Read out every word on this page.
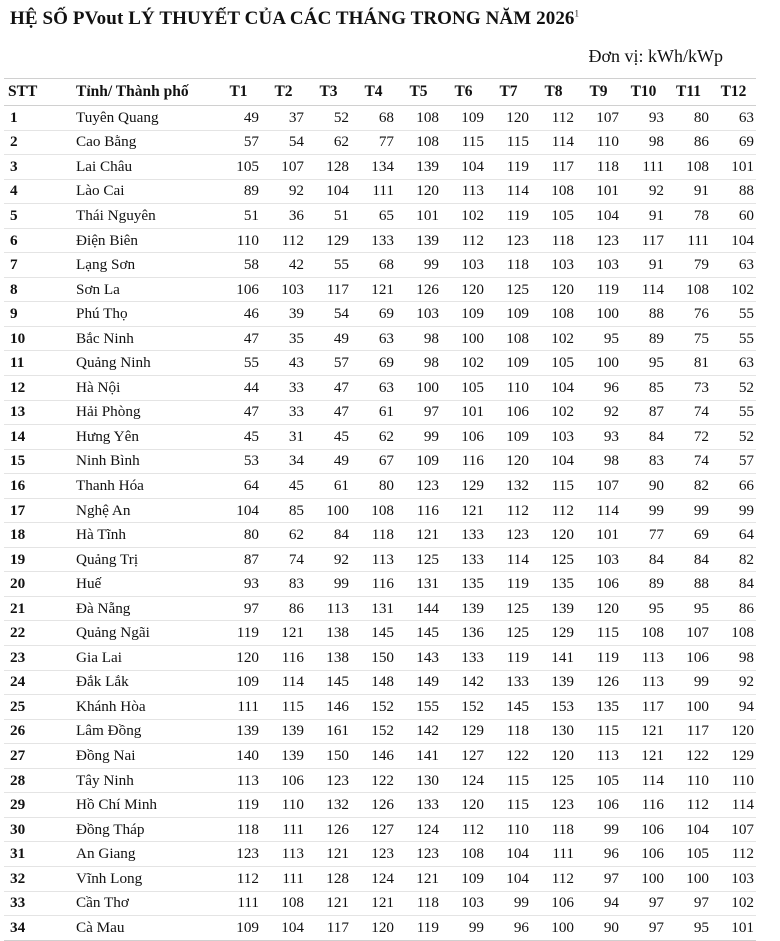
HỆ SỐ PVout LÝ THUYẾT CỦA CÁC THÁNG TRONG NĂM 2026$^1$
Đơn vị: kWh/kWp
STT	Tỉnh/ Thành phố	T1	T2	T3	T4	T5	T6	T7	T8	T9	T10	T11	T12
1	Tuyên Quang	49	37	52	68	108	109	120	112	107	93	80	63
2	Cao Bằng	57	54	62	77	108	115	115	114	110	98	86	69
3	Lai Châu	105	107	128	134	139	104	119	117	118	111	108	101
4	Lào Cai	89	92	104	111	120	113	114	108	101	92	91	88
5	Thái Nguyên	51	36	51	65	101	102	119	105	104	91	78	60
6	Điện Biên	110	112	129	133	139	112	123	118	123	117	111	104
7	Lạng Sơn	58	42	55	68	99	103	118	103	103	91	79	63
8	Sơn La	106	103	117	121	126	120	125	120	119	114	108	102
9	Phú Thọ	46	39	54	69	103	109	109	108	100	88	76	55
10	Bắc Ninh	47	35	49	63	98	100	108	102	95	89	75	55
11	Quảng Ninh	55	43	57	69	98	102	109	105	100	95	81	63
12	Hà Nội	44	33	47	63	100	105	110	104	96	85	73	52
13	Hải Phòng	47	33	47	61	97	101	106	102	92	87	74	55
14	Hưng Yên	45	31	45	62	99	106	109	103	93	84	72	52
15	Ninh Bình	53	34	49	67	109	116	120	104	98	83	74	57
16	Thanh Hóa	64	45	61	80	123	129	132	115	107	90	82	66
17	Nghệ An	104	85	100	108	116	121	112	112	114	99	99	99
18	Hà Tĩnh	80	62	84	118	121	133	123	120	101	77	69	64
19	Quảng Trị	87	74	92	113	125	133	114	125	103	84	84	82
20	Huế	93	83	99	116	131	135	119	135	106	89	88	84
21	Đà Nẵng	97	86	113	131	144	139	125	139	120	95	95	86
22	Quảng Ngãi	119	121	138	145	145	136	125	129	115	108	107	108
23	Gia Lai	120	116	138	150	143	133	119	141	119	113	106	98
24	Đắk Lắk	109	114	145	148	149	142	133	139	126	113	99	92
25	Khánh Hòa	111	115	146	152	155	152	145	153	135	117	100	94
26	Lâm Đồng	139	139	161	152	142	129	118	130	115	121	117	120
27	Đồng Nai	140	139	150	146	141	127	122	120	113	121	122	129
28	Tây Ninh	113	106	123	122	130	124	115	125	105	114	110	110
29	Hồ Chí Minh	119	110	132	126	133	120	115	123	106	116	112	114
30	Đồng Tháp	118	111	126	127	124	112	110	118	99	106	104	107
31	An Giang	123	113	121	123	123	108	104	111	96	106	105	112
32	Vĩnh Long	112	111	128	124	121	109	104	112	97	100	100	103
33	Cần Thơ	111	108	121	121	118	103	99	106	94	97	97	102
34	Cà Mau	109	104	117	120	119	99	96	100	90	97	95	101
